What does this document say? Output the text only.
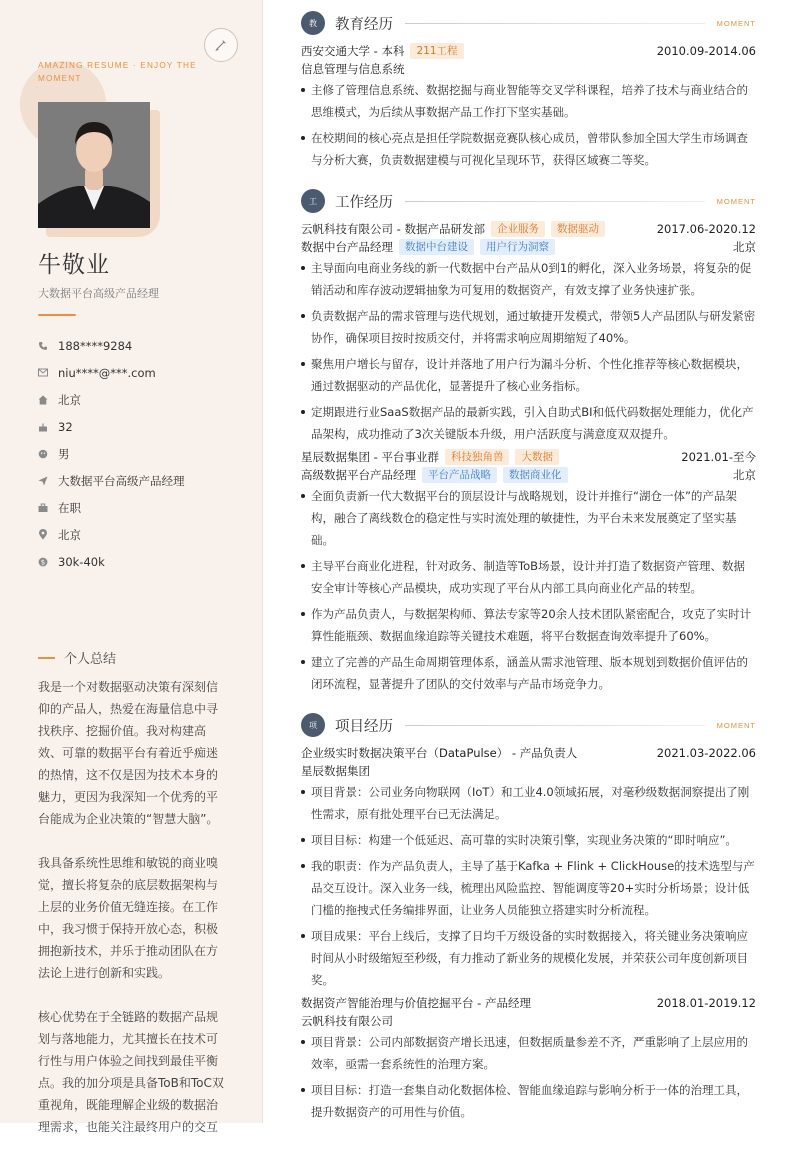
AMAZING RESUME · ENJOY THE MOMENT
牛敬业
大数据平台高级产品经理
188****9284
niu****@***.com
北京
32
男
大数据平台高级产品经理
在职
北京
$ 30k-40k
个人总结

我是一个对数据驱动决策有深刻信仰的产品人，热爱在海量信息中寻找秩序、挖掘价值。我对构建高效、可靠的数据平台有着近乎痴迷的热情，这不仅是因为技术本身的魅力，更因为我深知一个优秀的平台能成为企业决策的“智慧大脑”。

我具备系统性思维和敏锐的商业嗅觉，擅长将复杂的底层数据架构与上层的业务价值无缝连接。在工作中，我习惯于保持开放心态，积极拥抱新技术，并乐于推动团队在方法论上进行创新和实践。

核心优势在于全链路的数据产品规划与落地能力，尤其擅长在技术可行性与用户体验之间找到最佳平衡点。我的加分项是具备ToB和ToC双重视角，既能理解企业级的数据治理需求，也能关注最终用户的交互

教	教育经历	MOMENT
西安交通大学 - 本科	211工程	2010.09-2014.06
信息管理与信息系统
主修了管理信息系统、数据挖掘与商业智能等交叉学科课程，培养了技术与商业结合的思维模式，为后续从事数据产品工作打下坚实基础。
在校期间的核心亮点是担任学院数据竞赛队核心成员，曾带队参加全国大学生市场调查与分析大赛，负责数据建模与可视化呈现环节，获得区域赛二等奖。
工	工作经历	MOMENT
云帆科技有限公司 - 数据产品研发部	企业服务	数据驱动	2017.06-2020.12
数据中台产品经理	数据中台建设	用户行为洞察	北京
主导面向电商业务线的新一代数据中台产品从0到1的孵化，深入业务场景，将复杂的促销活动和库存波动逻辑抽象为可复用的数据资产，有效支撑了业务快速扩张。
负责数据产品的需求管理与迭代规划，通过敏捷开发模式，带领5人产品团队与研发紧密协作，确保项目按时按质交付，并将需求响应周期缩短了40%。
聚焦用户增长与留存，设计并落地了用户行为漏斗分析、个性化推荐等核心数据模块，通过数据驱动的产品优化，显著提升了核心业务指标。
定期跟进行业SaaS数据产品的最新实践，引入自助式BI和低代码数据处理能力，优化产品架构，成功推动了3次关键版本升级，用户活跃度与满意度双双提升。
星辰数据集团 - 平台事业群	科技独角兽	大数据	2021.01-至今
高级数据平台产品经理	平台产品战略	数据商业化	北京
全面负责新一代大数据平台的顶层设计与战略规划，设计并推行“湖仓一体”的产品架构，融合了离线数仓的稳定性与实时流处理的敏捷性，为平台未来发展奠定了坚实基础。
主导平台商业化进程，针对政务、制造等ToB场景，设计并打造了数据资产管理、数据安全审计等核心产品模块，成功实现了平台从内部工具向商业化产品的转型。
作为产品负责人，与数据架构师、算法专家等20余人技术团队紧密配合，攻克了实时计算性能瓶颈、数据血缘追踪等关键技术难题，将平台数据查询效率提升了60%。
建立了完善的产品生命周期管理体系，涵盖从需求池管理、版本规划到数据价值评估的闭环流程，显著提升了团队的交付效率与产品市场竞争力。
项	项目经历	MOMENT
企业级实时数据决策平台（DataPulse） - 产品负责人	2021.03-2022.06
星辰数据集团
项目背景：公司业务向物联网（IoT）和工业4.0领域拓展，对毫秒级数据洞察提出了刚性需求，原有批处理平台已无法满足。
项目目标：构建一个低延迟、高可靠的实时决策引擎，实现业务决策的“即时响应”。
我的职责：作为产品负责人，主导了基于Kafka + Flink + ClickHouse的技术选型与产品交互设计。深入业务一线，梳理出风险监控、智能调度等20+实时分析场景；设计低门槛的拖拽式任务编排界面，让业务人员能独立搭建实时分析流程。
项目成果：平台上线后，支撑了日均千万级设备的实时数据接入，将关键业务决策响应时间从小时级缩短至秒级，有力推动了新业务的规模化发展，并荣获公司年度创新项目奖。
数据资产智能治理与价值挖掘平台 - 产品经理	2018.01-2019.12
云帆科技有限公司
项目背景：公司内部数据资产增长迅速，但数据质量参差不齐，严重影响了上层应用的效率，亟需一套系统性的治理方案。
项目目标：打造一套集自动化数据体检、智能血缘追踪与影响分析于一体的治理工具，提升数据资产的可用性与价值。
